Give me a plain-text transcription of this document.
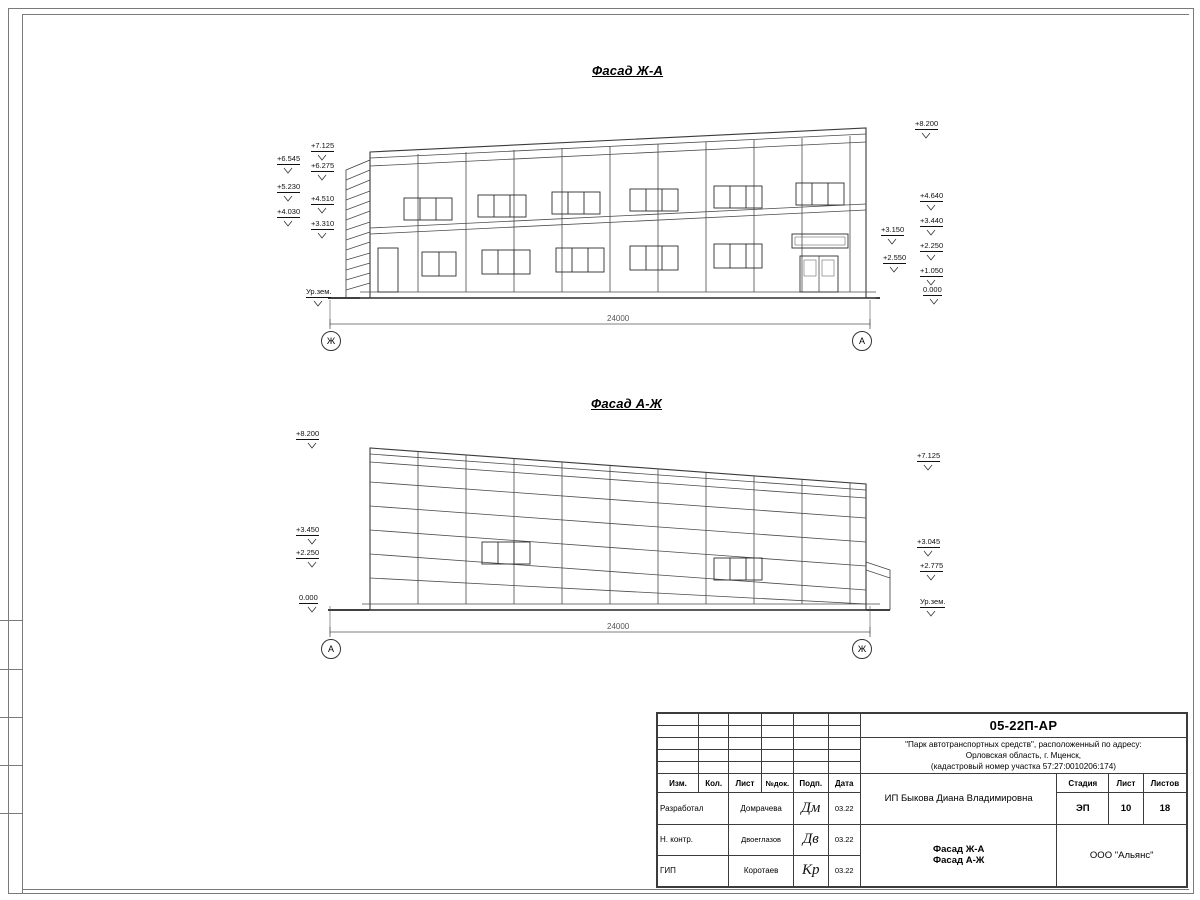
Фасад Ж-А
+7.125
+6.545
+6.275
+5.230
+4.510
+4.030
+3.310
Ур.зем.
+8.200
+4.640
+3.440
+3.150
+2.550
+2.250
+1.050
0.000
24000
Ж	А
Фасад А-Ж
+8.200
+3.450
+2.250
0.000
+7.125
+3.045
+2.775
Ур.зем.
24000
А	Ж
						05-22П-АР			

						"Парк автотранспортных средств", расположенный по адресу:
Орловская область, г. Мценск,
(кадастровый номер участка 57:27:0010206:174)			

Изм.	Кол.	Лист	№док.	Подп.	Дата	ИП Быкова Диана Владимировна	Стадия	Лист	Листов
Разработал		Домрачева		Дм	03.22		ЭП	10	18
Н. контр.		Двоеглазов		Дв	03.22	Фасад Ж-А
Фасад А-Ж	ООО "Альянс"		
ГИП		Коротаев		Кр	03.22				
